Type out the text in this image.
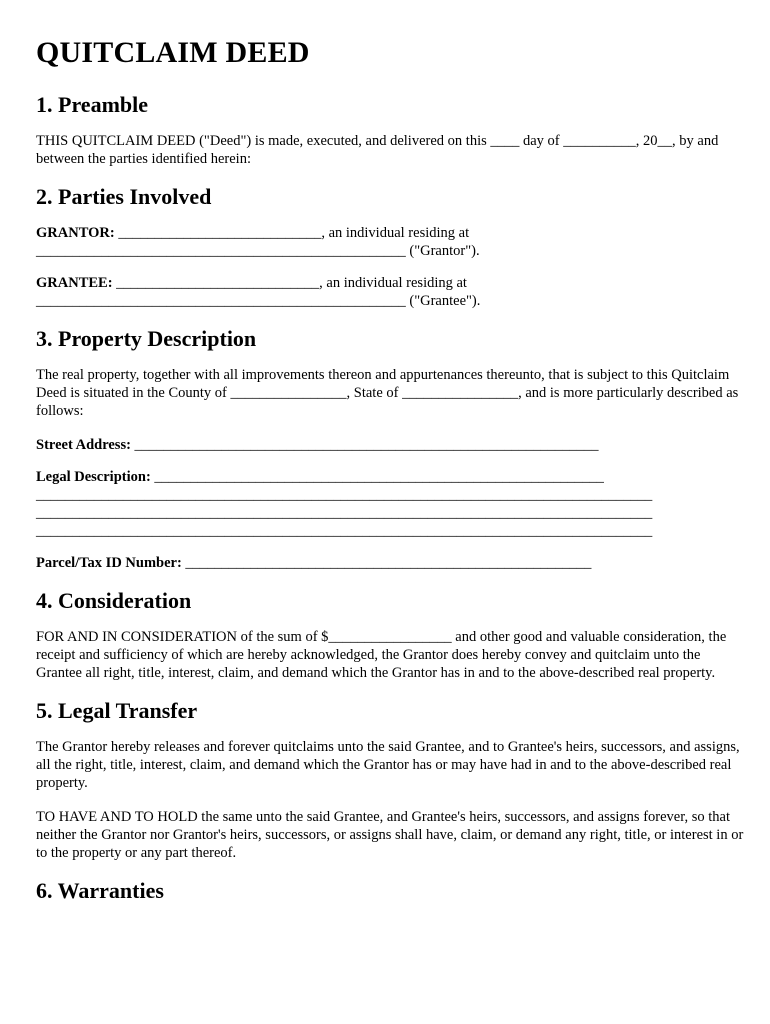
QUITCLAIM DEED
1. Preamble

THIS QUITCLAIM DEED ("Deed") is made, executed, and delivered on this ____ day of __________, 20__, by and between the parties identified herein:

2. Parties Involved

GRANTOR: ____________________________, an individual residing at

___________________________________________________ ("Grantor").

GRANTEE: ____________________________, an individual residing at

___________________________________________________ ("Grantee").

3. Property Description

The real property, together with all improvements thereon and appurtenances thereunto, that is subject to this Quitclaim Deed is situated in the County of ________________, State of ________________, and is more particularly described as follows:

Street Address: ________________________________________________________________

Legal Description: ______________________________________________________________

_____________________________________________________________________________________

_____________________________________________________________________________________

_____________________________________________________________________________________

Parcel/Tax ID Number: ________________________________________________________

4. Consideration

FOR AND IN CONSIDERATION of the sum of $_________________ and other good and valuable consideration, the receipt and sufficiency of which are hereby acknowledged, the Grantor does hereby convey and quitclaim unto the Grantee all right, title, interest, claim, and demand which the Grantor has in and to the above-described real property.

5. Legal Transfer

The Grantor hereby releases and forever quitclaims unto the said Grantee, and to Grantee's heirs, successors, and assigns, all the right, title, interest, claim, and demand which the Grantor has or may have had in and to the above-described real property.

TO HAVE AND TO HOLD the same unto the said Grantee, and Grantee's heirs, successors, and assigns forever, so that neither the Grantor nor Grantor's heirs, successors, or assigns shall have, claim, or demand any right, title, or interest in or to the property or any part thereof.

6. Warranties
